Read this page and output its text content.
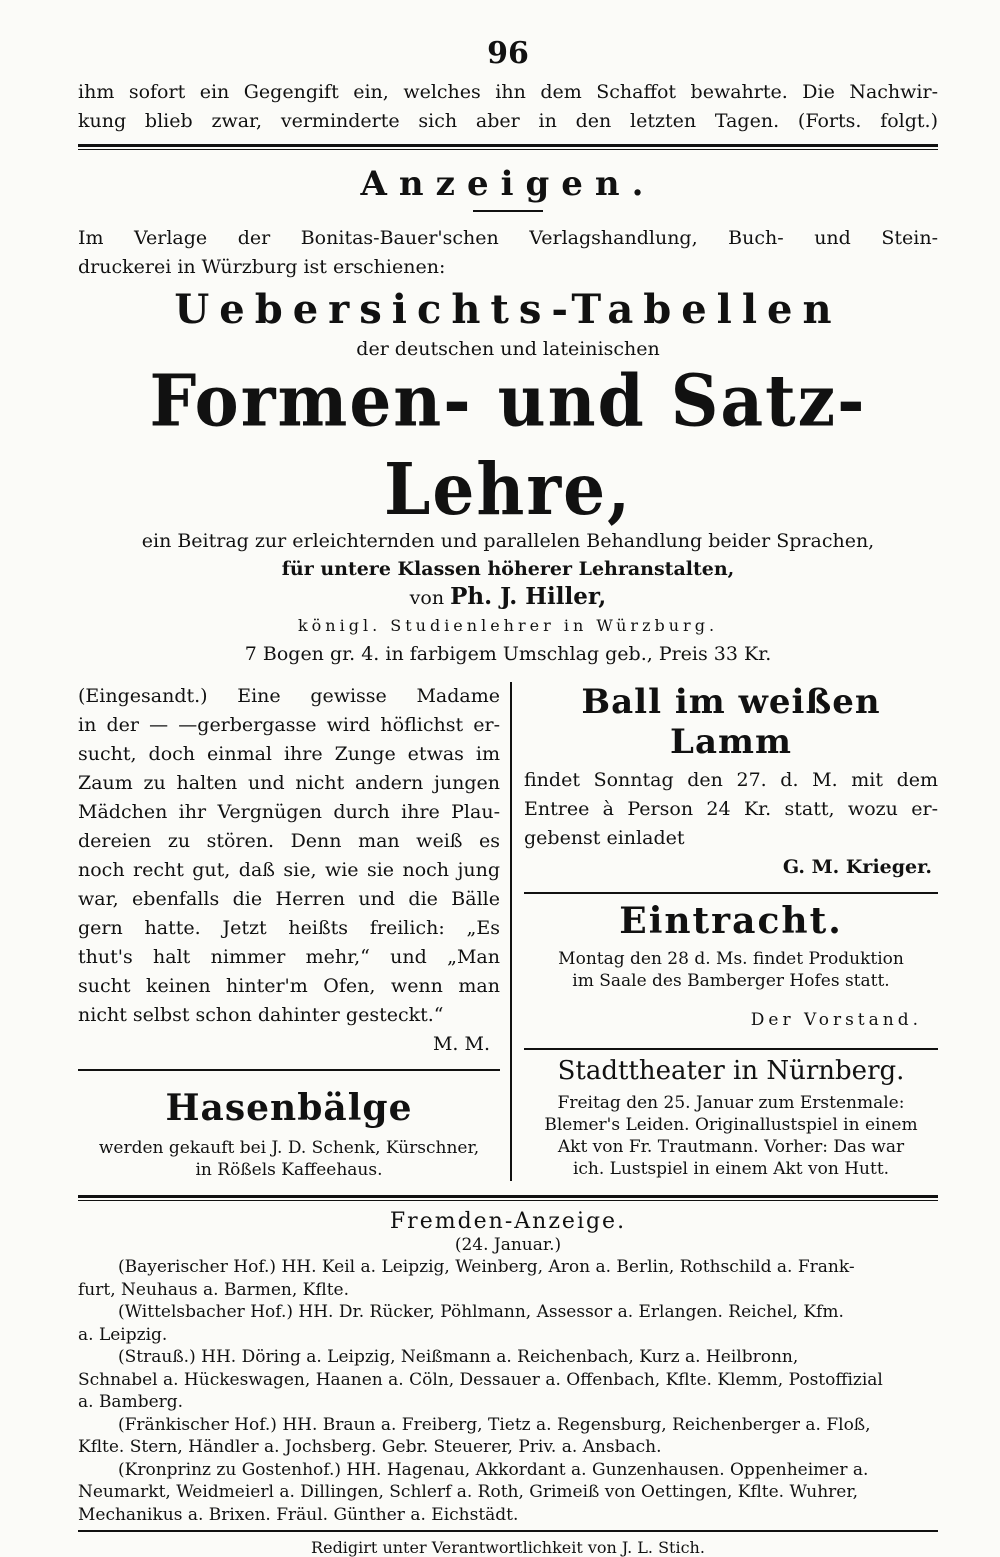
96

ihm sofort ein Gegengift ein, welches ihn dem Schaffot bewahrte. Die Nachwir-

kung blieb zwar, verminderte sich aber in den letzten Tagen. (Forts. folgt.)

Anzeigen.

Im Verlage der Bonitas-Bauer'schen Verlagshandlung, Buch- und Stein-

druckerei in Würzburg ist erschienen:

Uebersichts-Tabellen

der deutschen und lateinischen

Formen- und Satz-Lehre,

ein Beitrag zur erleichternden und parallelen Behandlung beider Sprachen,

für untere Klassen höherer Lehranstalten,

von Ph. J. Hiller,

königl. Studienlehrer in Würzburg.

7 Bogen gr. 4. in farbigem Umschlag geb., Preis 33 Kr.

(Eingesandt.) Eine gewisse Madame

in der — —gerbergasse wird höflichst er-

sucht, doch einmal ihre Zunge etwas im

Zaum zu halten und nicht andern jungen

Mädchen ihr Vergnügen durch ihre Plau-

dereien zu stören. Denn man weiß es

noch recht gut, daß sie, wie sie noch jung

war, ebenfalls die Herren und die Bälle

gern hatte. Jetzt heißts freilich: „Es

thut's halt nimmer mehr,“ und „Man

sucht keinen hinter'm Ofen, wenn man

nicht selbst schon dahinter gesteckt.“

M. M.

Hasenbälge

werden gekauft bei J. D. Schenk, Kürschner,

in Rößels Kaffeehaus.

Ball im weißen Lamm

findet Sonntag den 27. d. M. mit dem

Entree à Person 24 Kr. statt, wozu er-

gebenst einladet

G. M. Krieger.

Eintracht.

Montag den 28 d. Ms. findet Produktion

im Saale des Bamberger Hofes statt.

Der Vorstand.

Stadttheater in Nürnberg.

Freitag den 25. Januar zum Erstenmale:

Blemer's Leiden. Originallustspiel in einem

Akt von Fr. Trautmann. Vorher: Das war

ich. Lustspiel in einem Akt von Hutt.

Fremden-Anzeige.

(24. Januar.)

(Bayerischer Hof.) HH. Keil a. Leipzig, Weinberg, Aron a. Berlin, Rothschild a. Frank-

furt, Neuhaus a. Barmen, Kflte.

(Wittelsbacher Hof.) HH. Dr. Rücker, Pöhlmann, Assessor a. Erlangen. Reichel, Kfm.

a. Leipzig.

(Strauß.) HH. Döring a. Leipzig, Neißmann a. Reichenbach, Kurz a. Heilbronn,

Schnabel a. Hückeswagen, Haanen a. Cöln, Dessauer a. Offenbach, Kflte. Klemm, Postoffizial

a. Bamberg.

(Fränkischer Hof.) HH. Braun a. Freiberg, Tietz a. Regensburg, Reichenberger a. Floß,

Kflte. Stern, Händler a. Jochsberg. Gebr. Steuerer, Priv. a. Ansbach.

(Kronprinz zu Gostenhof.) HH. Hagenau, Akkordant a. Gunzenhausen. Oppenheimer a.

Neumarkt, Weidmeierl a. Dillingen, Schlerf a. Roth, Grimeiß von Oettingen, Kflte. Wuhrer,

Mechanikus a. Brixen. Fräul. Günther a. Eichstädt.

Redigirt unter Verantwortlichkeit von J. L. Stich.
